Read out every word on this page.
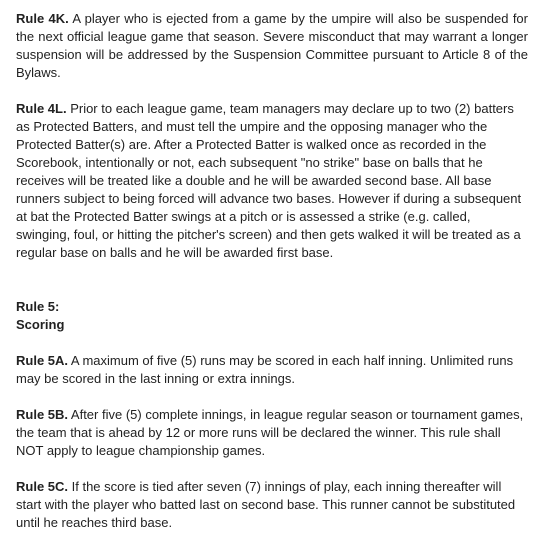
Rule 4K. A player who is ejected from a game by the umpire will also be suspended for the next official league game that season. Severe misconduct that may warrant a longer suspension will be addressed by the Suspension Committee pursuant to Article 8 of the Bylaws.

Rule 4L. Prior to each league game, team managers may declare up to two (2) batters as Protected Batters, and must tell the umpire and the opposing manager who the Protected Batter(s) are. After a Protected Batter is walked once as recorded in the Scorebook, intentionally or not, each subsequent "no strike" base on balls that he receives will be treated like a double and he will be awarded second base. All base runners subject to being forced will advance two bases. However if during a subsequent at bat the Protected Batter swings at a pitch or is assessed a strike (e.g. called, swinging, foul, or hitting the pitcher's screen) and then gets walked it will be treated as a regular base on balls and he will be awarded first base.

Rule 5:
Scoring

Rule 5A. A maximum of five (5) runs may be scored in each half inning. Unlimited runs may be scored in the last inning or extra innings.

Rule 5B. After five (5) complete innings, in league regular season or tournament games, the team that is ahead by 12 or more runs will be declared the winner. This rule shall NOT apply to league championship games.

Rule 5C. If the score is tied after seven (7) innings of play, each inning thereafter will start with the player who batted last on second base. This runner cannot be substituted until he reaches third base.
